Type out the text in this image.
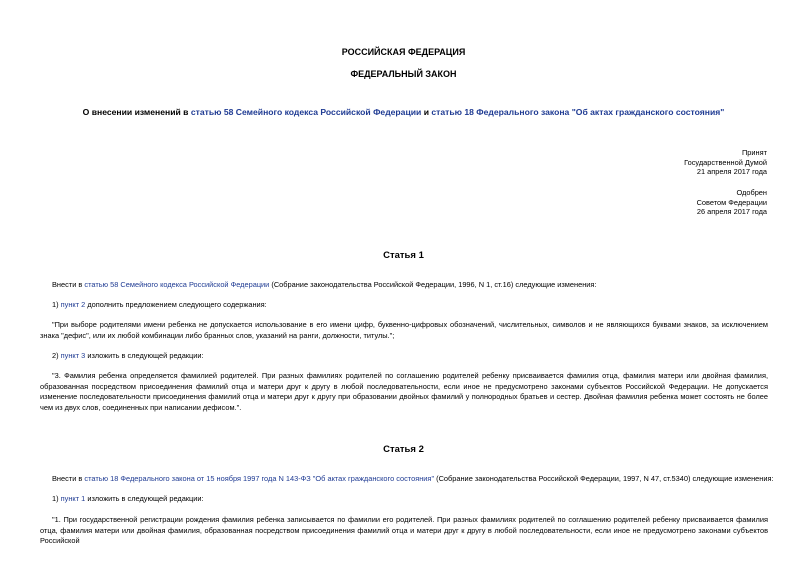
РОССИЙСКАЯ ФЕДЕРАЦИЯ
ФЕДЕРАЛЬНЫЙ ЗАКОН
О внесении изменений в статью 58 Семейного кодекса Российской Федерации и статью 18 Федерального закона "Об актах гражданского состояния"
Принят
Государственной Думой
21 апреля 2017 года
Одобрен
Советом Федерации
26 апреля 2017 года
Статья 1
Внести в статью 58 Семейного кодекса Российской Федерации (Собрание законодательства Российской Федерации, 1996, N 1, ст.16) следующие изменения:
1) пункт 2 дополнить предложением следующего содержания:
"При выборе родителями имени ребенка не допускается использование в его имени цифр, буквенно-цифровых обозначений, числительных, символов и не являющихся буквами знаков, за исключением знака "дефис", или их любой комбинации либо бранных слов, указаний на ранги, должности, титулы.";
2) пункт 3 изложить в следующей редакции:
"3. Фамилия ребенка определяется фамилией родителей. При разных фамилиях родителей по соглашению родителей ребенку присваивается фамилия отца, фамилия матери или двойная фамилия, образованная посредством присоединения фамилий отца и матери друг к другу в любой последовательности, если иное не предусмотрено законами субъектов Российской Федерации. Не допускается изменение последовательности присоединения фамилий отца и матери друг к другу при образовании двойных фамилий у полнородных братьев и сестер. Двойная фамилия ребенка может состоять не более чем из двух слов, соединенных при написании дефисом.".
Статья 2
Внести в статью 18 Федерального закона от 15 ноября 1997 года N 143-ФЗ "Об актах гражданского состояния" (Собрание законодательства Российской Федерации, 1997, N 47, ст.5340) следующие изменения:
1) пункт 1 изложить в следующей редакции:
"1. При государственной регистрации рождения фамилия ребенка записывается по фамилии его родителей. При разных фамилиях родителей по соглашению родителей ребенку присваивается фамилия отца, фамилия матери или двойная фамилия, образованная посредством присоединения фамилий отца и матери друг к другу в любой последовательности, если иное не предусмотрено законами субъектов Российской
